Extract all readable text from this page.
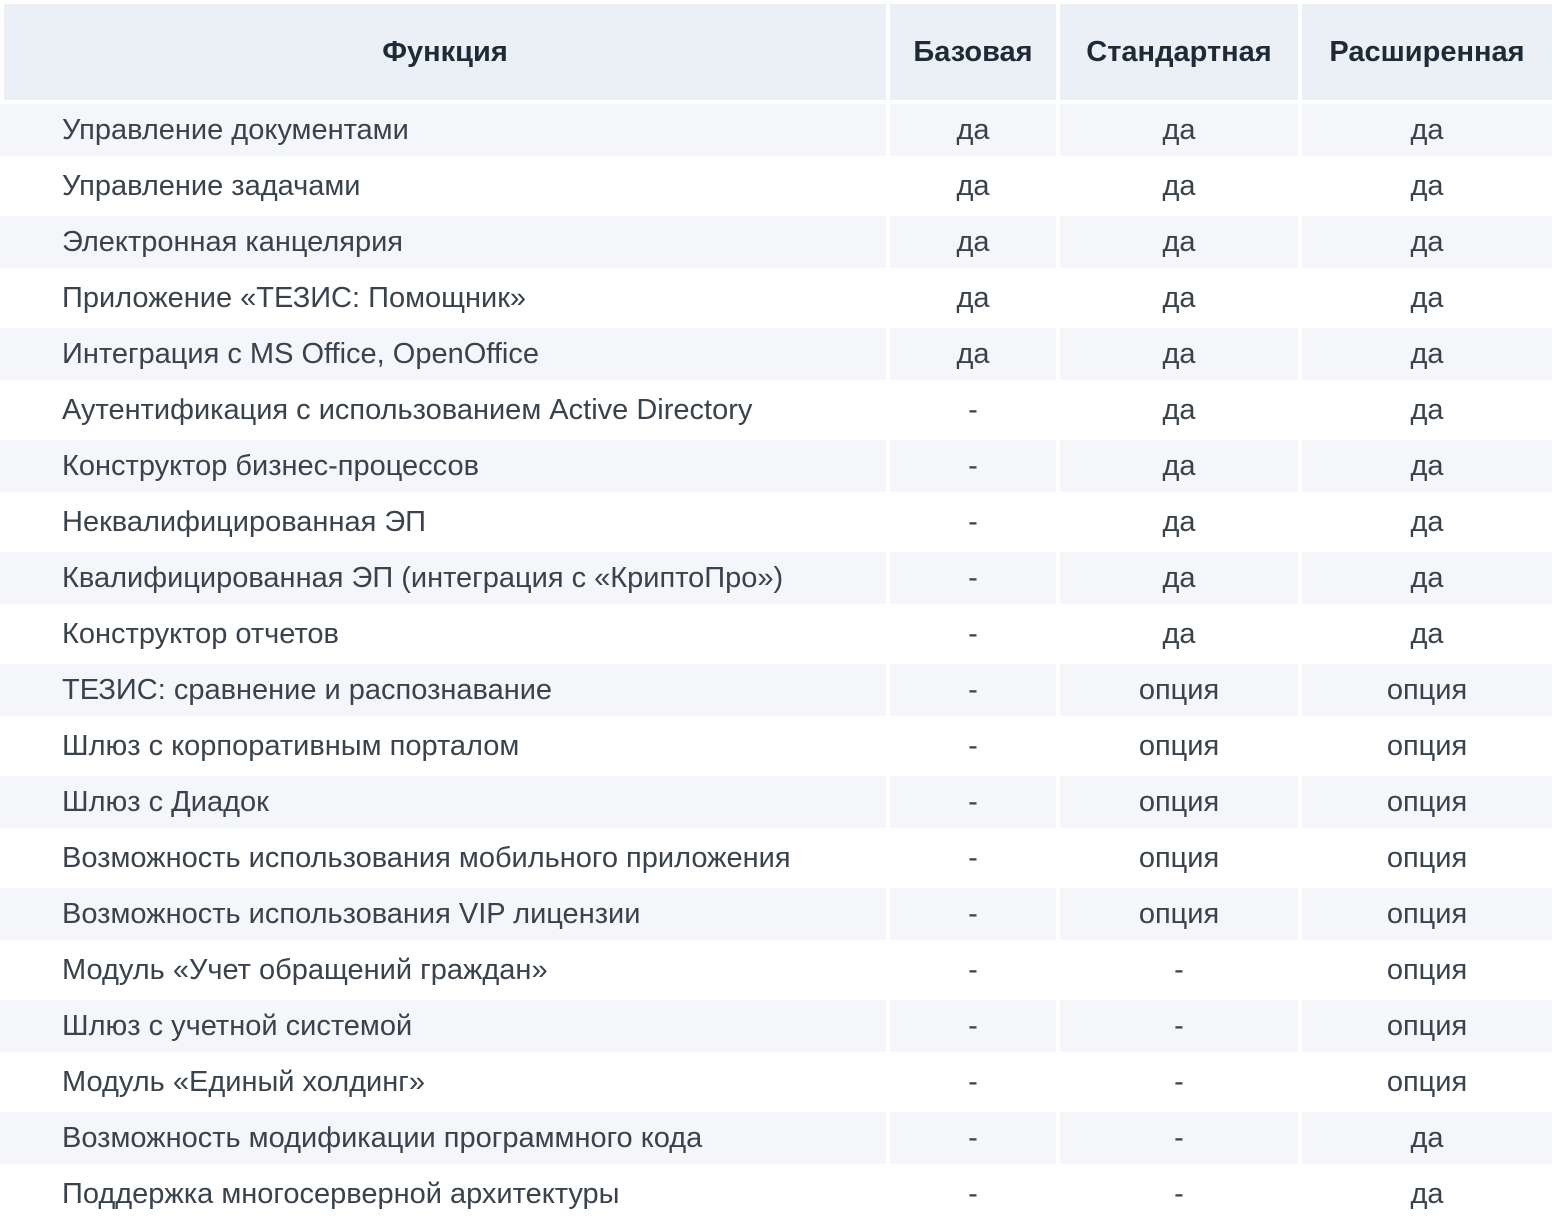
Функция	Базовая	Стандартная	Расширенная
Управление документами	да	да	да
Управление задачами	да	да	да
Электронная канцелярия	да	да	да
Приложение «ТЕЗИС: Помощник»	да	да	да
Интеграция с MS Office, OpenOffice	да	да	да
Аутентификация с использованием Active Directory	-	да	да
Конструктор бизнес-процессов	-	да	да
Неквалифицированная ЭП	-	да	да
Квалифицированная ЭП (интеграция с «КриптоПро»)	-	да	да
Конструктор отчетов	-	да	да
ТЕЗИС: сравнение и распознавание	-	опция	опция
Шлюз с корпоративным порталом	-	опция	опция
Шлюз с Диадок	-	опция	опция
Возможность использования мобильного приложения	-	опция	опция
Возможность использования VIP лицензии	-	опция	опция
Модуль «Учет обращений граждан»	-	-	опция
Шлюз с учетной системой	-	-	опция
Модуль «Единый холдинг»	-	-	опция
Возможность модификации программного кода	-	-	да
Поддержка многосерверной архитектуры	-	-	да
